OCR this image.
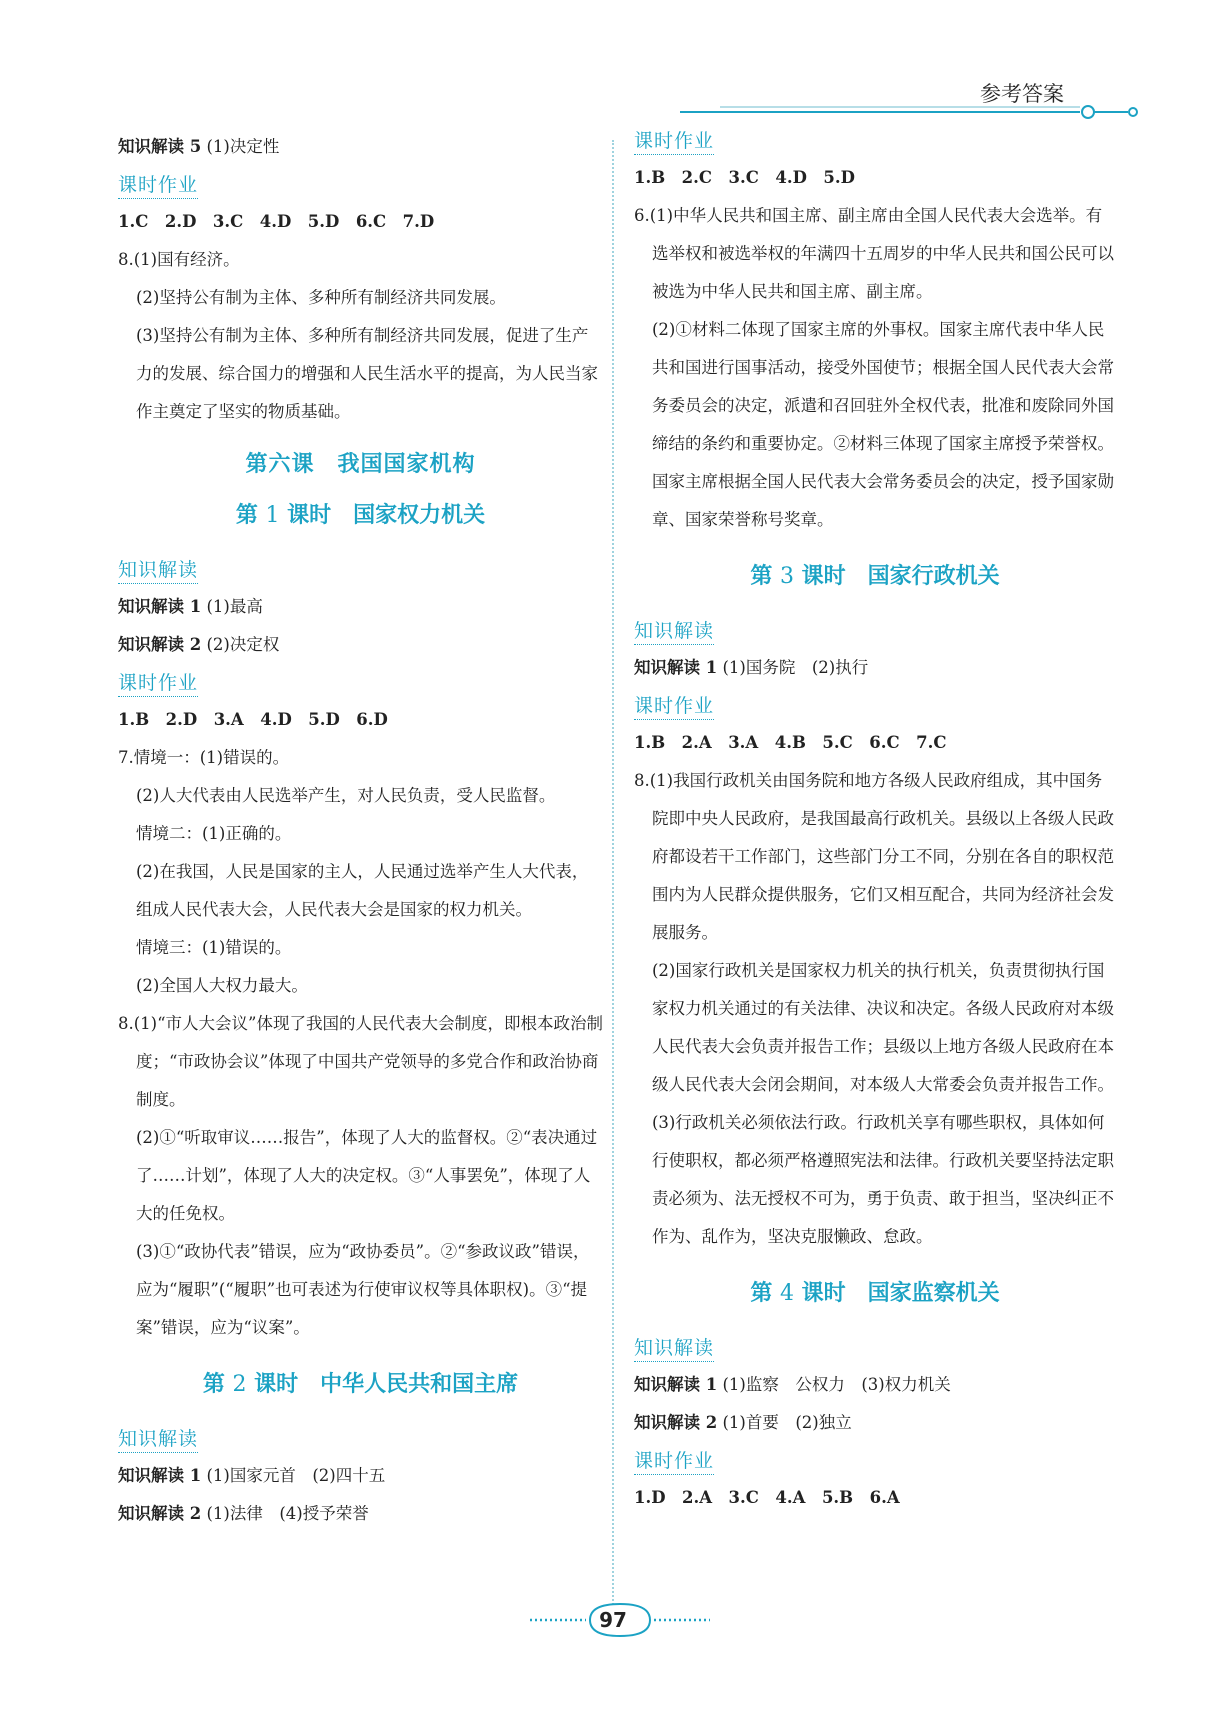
参考答案
知识解读 5 (1)决定性
课时作业
1.C　2.D　3.C　4.D　5.D　6.C　7.D
8.(1)国有经济。
(2)坚持公有制为主体、多种所有制经济共同发展。
(3)坚持公有制为主体、多种所有制经济共同发展，促进了生产力的发展、综合国力的增强和人民生活水平的提高，为人民当家作主奠定了坚实的物质基础。
第六课　我国国家机构
第 1 课时　国家权力机关
知识解读
知识解读 1 (1)最高
知识解读 2 (2)决定权
课时作业
1.B　2.D　3.A　4.D　5.D　6.D
7.情境一：(1)错误的。
(2)人大代表由人民选举产生，对人民负责，受人民监督。
情境二：(1)正确的。
(2)在我国，人民是国家的主人，人民通过选举产生人大代表，组成人民代表大会，人民代表大会是国家的权力机关。
情境三：(1)错误的。
(2)全国人大权力最大。
8.(1)“市人大会议”体现了我国的人民代表大会制度，即根本政治制度；“市政协会议”体现了中国共产党领导的多党合作和政治协商制度。
(2)①“听取审议……报告”，体现了人大的监督权。②“表决通过了……计划”，体现了人大的决定权。③“人事罢免”，体现了人大的任免权。
(3)①“政协代表”错误，应为“政协委员”。②“参政议政”错误，应为“履职”(“履职”也可表述为行使审议权等具体职权)。③“提案”错误，应为“议案”。
第 2 课时　中华人民共和国主席
知识解读
知识解读 1 (1)国家元首　(2)四十五
知识解读 2 (1)法律　(4)授予荣誉
课时作业
1.B　2.C　3.C　4.D　5.D
6.(1)中华人民共和国主席、副主席由全国人民代表大会选举。有选举权和被选举权的年满四十五周岁的中华人民共和国公民可以被选为中华人民共和国主席、副主席。
(2)①材料二体现了国家主席的外事权。国家主席代表中华人民共和国进行国事活动，接受外国使节；根据全国人民代表大会常务委员会的决定，派遣和召回驻外全权代表，批准和废除同外国缔结的条约和重要协定。②材料三体现了国家主席授予荣誉权。国家主席根据全国人民代表大会常务委员会的决定，授予国家勋章、国家荣誉称号奖章。
第 3 课时　国家行政机关
知识解读
知识解读 1 (1)国务院　(2)执行
课时作业
1.B　2.A　3.A　4.B　5.C　6.C　7.C
8.(1)我国行政机关由国务院和地方各级人民政府组成，其中国务院即中央人民政府，是我国最高行政机关。县级以上各级人民政府都设若干工作部门，这些部门分工不同，分别在各自的职权范围内为人民群众提供服务，它们又相互配合，共同为经济社会发展服务。
(2)国家行政机关是国家权力机关的执行机关，负责贯彻执行国家权力机关通过的有关法律、决议和决定。各级人民政府对本级人民代表大会负责并报告工作；县级以上地方各级人民政府在本级人民代表大会闭会期间，对本级人大常委会负责并报告工作。
(3)行政机关必须依法行政。行政机关享有哪些职权，具体如何行使职权，都必须严格遵照宪法和法律。行政机关要坚持法定职责必须为、法无授权不可为，勇于负责、敢于担当，坚决纠正不作为、乱作为，坚决克服懒政、怠政。
第 4 课时　国家监察机关
知识解读
知识解读 1 (1)监察　公权力　(3)权力机关
知识解读 2 (1)首要　(2)独立
课时作业
1.D　2.A　3.C　4.A　5.B　6.A
97
